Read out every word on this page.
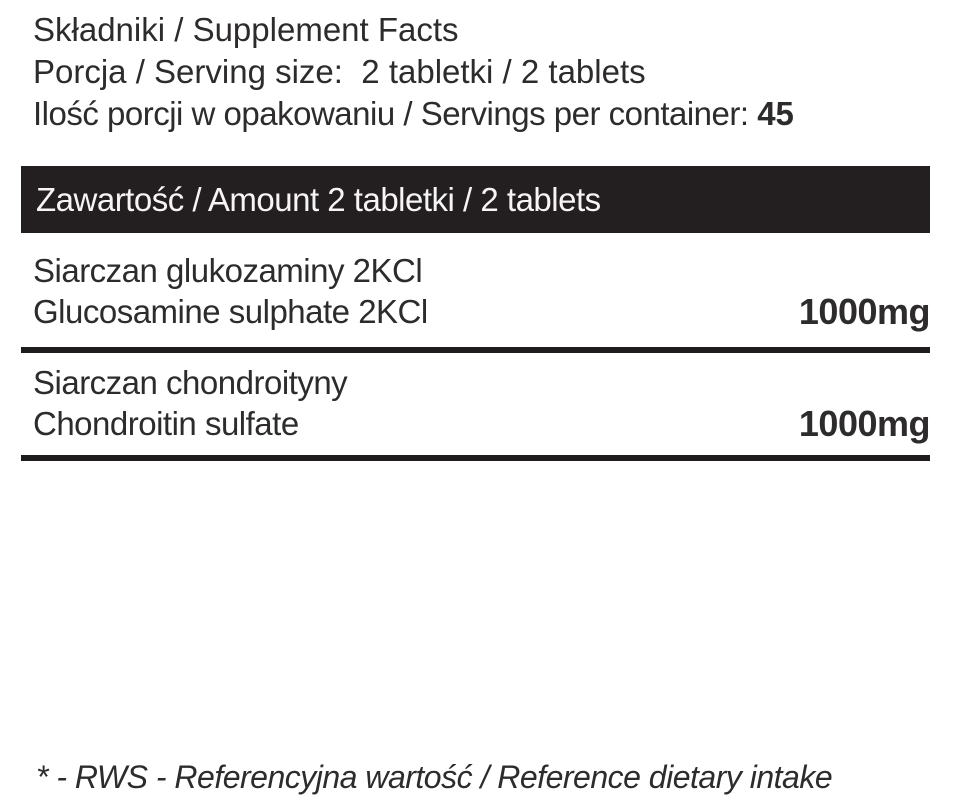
Składniki / Supplement Facts
Porcja / Serving size:  2 tabletki / 2 tablets
Ilość porcji w opakowaniu / Servings per container: 45
Zawartość / Amount 2 tabletki / 2 tablets
Siarczan glukozaminy 2KCl
Glucosamine sulphate 2KCl	1000mg
Siarczan chondroityny
Chondroitin sulfate	1000mg
* - RWS - Referencyjna wartość / Reference dietary intake
